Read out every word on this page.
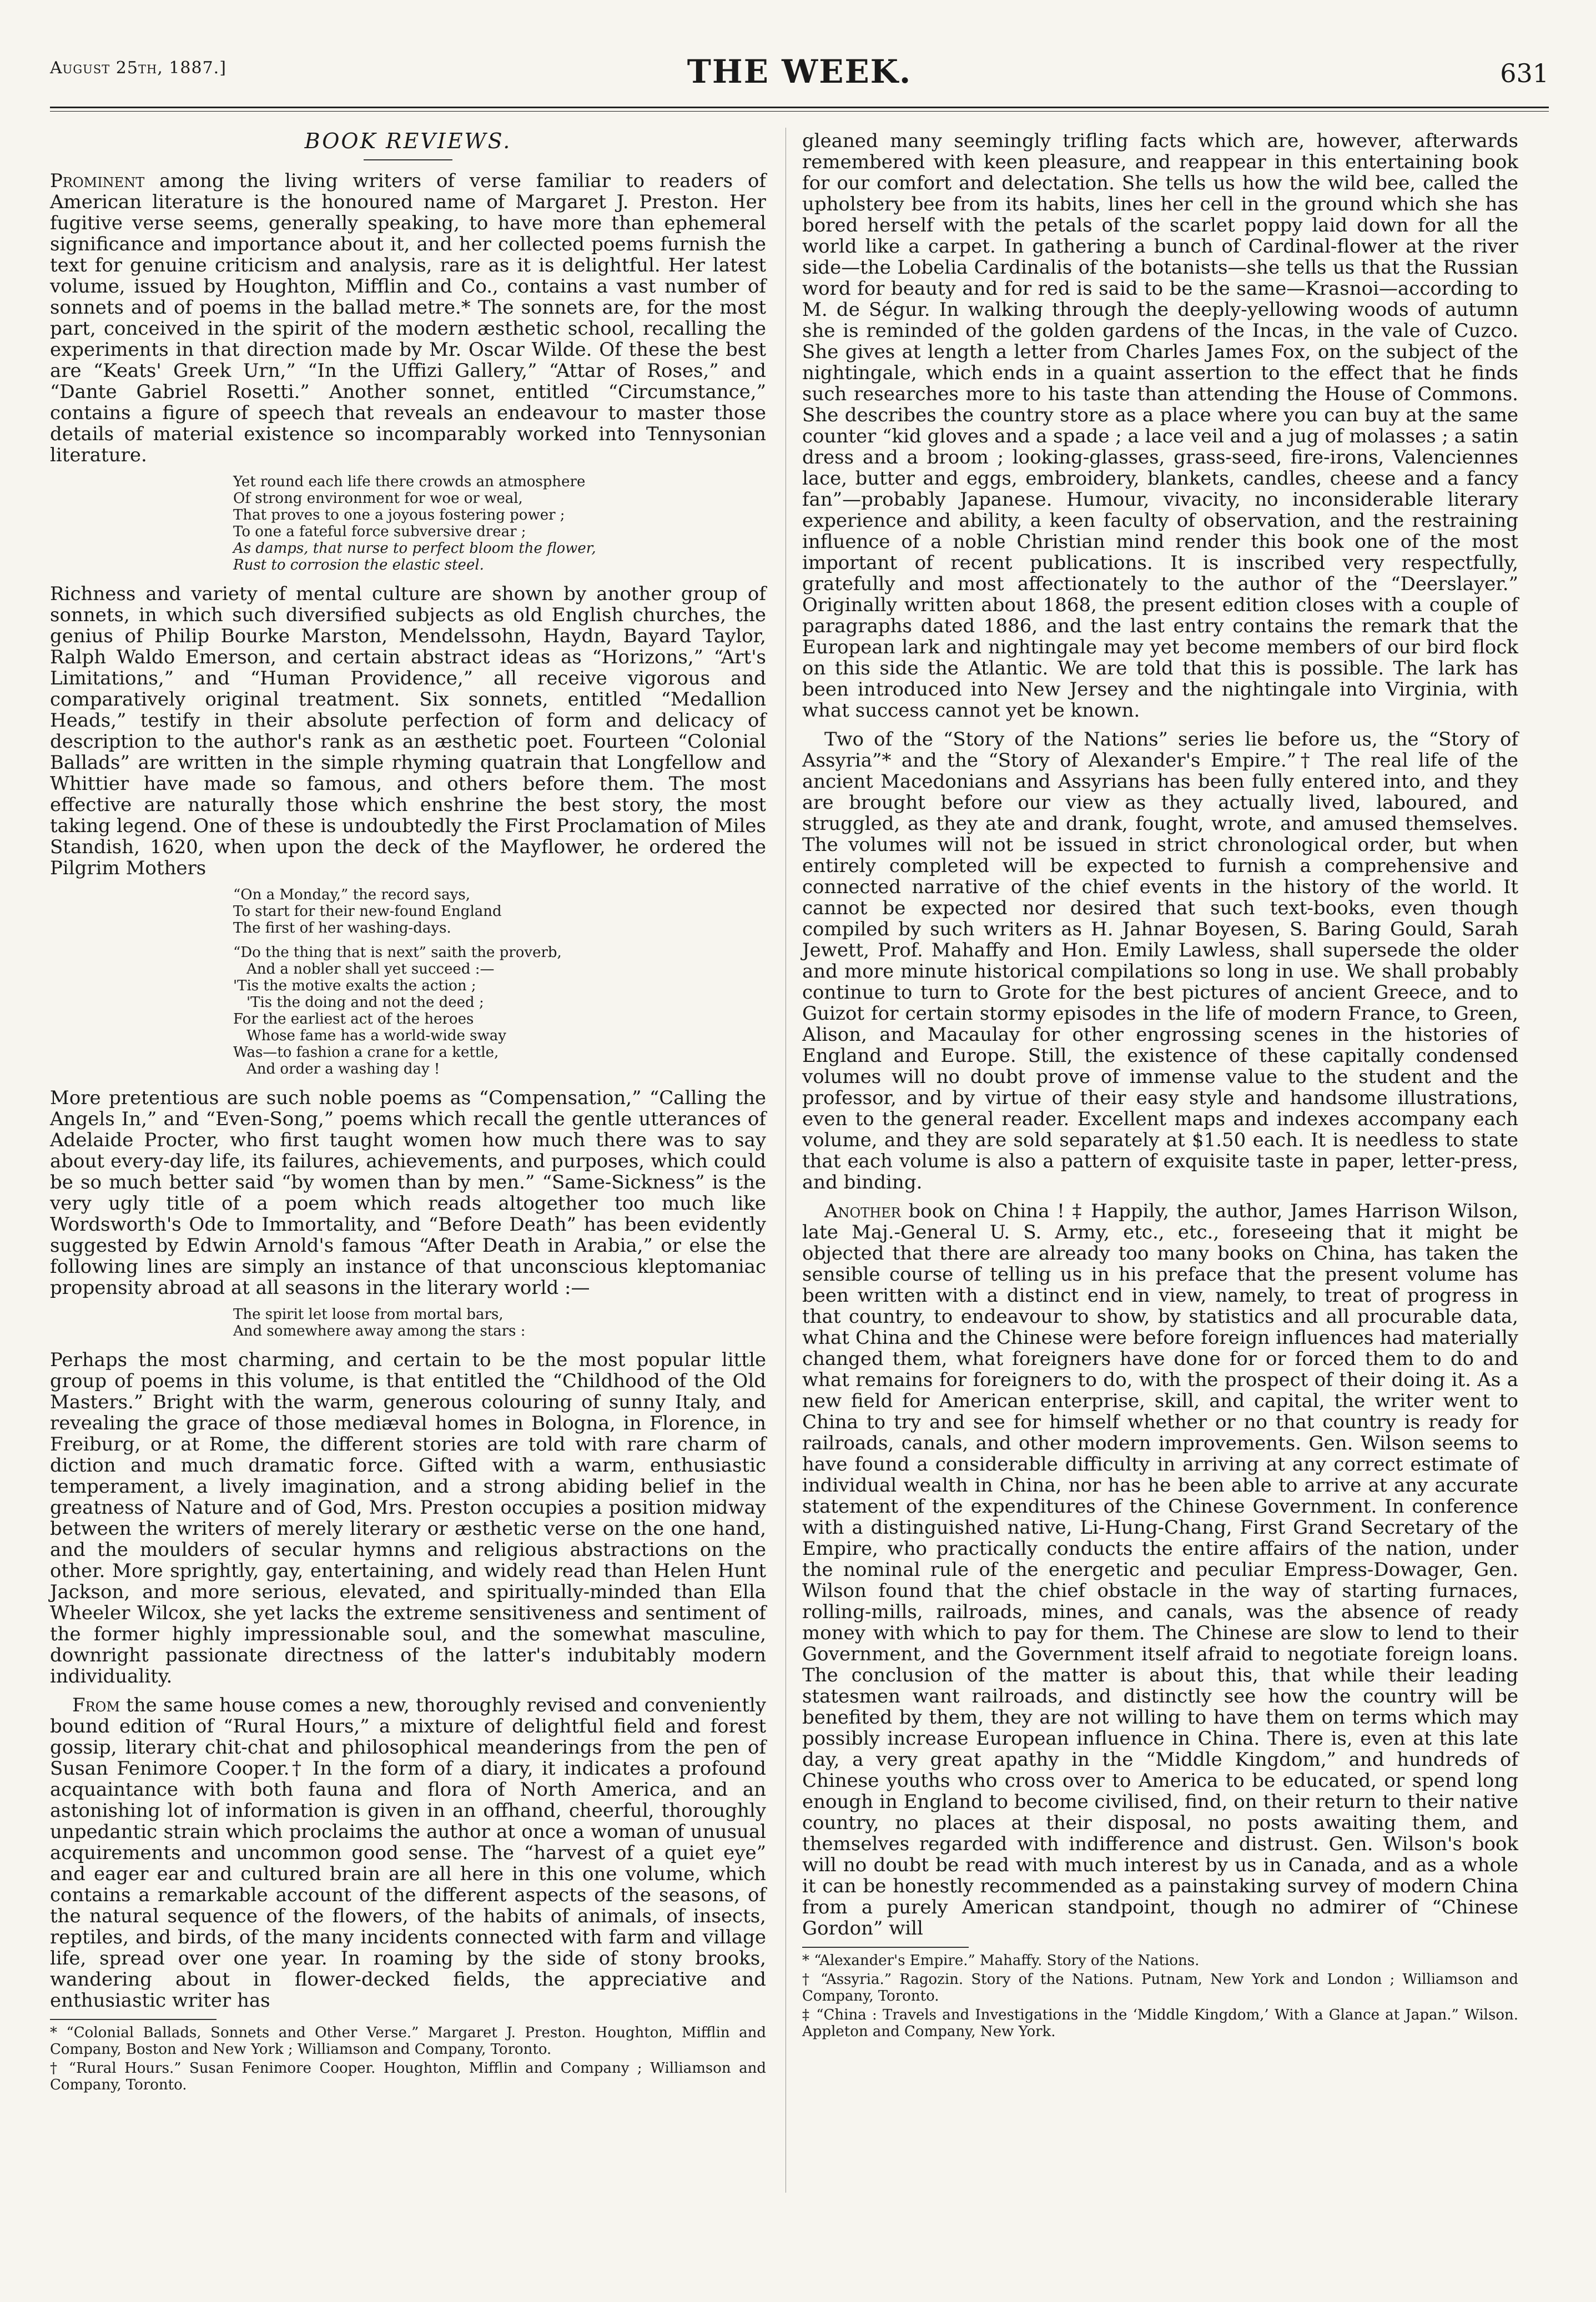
August 25th, 1887.]	THE WEEK.	631
BOOK REVIEWS.

Prominent among the living writers of verse familiar to readers of American literature is the honoured name of Margaret J. Preston. Her fugitive verse seems, generally speaking, to have more than ephemeral significance and importance about it, and her collected poems furnish the text for genuine criticism and analysis, rare as it is delightful. Her latest volume, issued by Houghton, Mifflin and Co., contains a vast number of sonnets and of poems in the ballad metre.* The sonnets are, for the most part, conceived in the spirit of the modern æsthetic school, recalling the experiments in that direction made by Mr. Oscar Wilde. Of these the best are “Keats' Greek Urn,” “In the Uffizi Gallery,” “Attar of Roses,” and “Dante Gabriel Rosetti.” Another sonnet, entitled “Circumstance,” contains a figure of speech that reveals an endeavour to master those details of material existence so incomparably worked into Tennysonian literature.

Yet round each life there crowds an atmosphere
Of strong environment for woe or weal,
That proves to one a joyous fostering power ;
To one a fateful force subversive drear ;
As damps, that nurse to perfect bloom the flower,
Rust to corrosion the elastic steel.

Richness and variety of mental culture are shown by another group of sonnets, in which such diversified subjects as old English churches, the genius of Philip Bourke Marston, Mendelssohn, Haydn, Bayard Taylor, Ralph Waldo Emerson, and certain abstract ideas as “Horizons,” “Art's Limitations,” and “Human Providence,” all receive vigorous and comparatively original treatment. Six sonnets, entitled “Medallion Heads,” testify in their absolute perfection of form and delicacy of description to the author's rank as an æsthetic poet. Fourteen “Colonial Ballads” are written in the simple rhyming quatrain that Longfellow and Whittier have made so famous, and others before them. The most effective are naturally those which enshrine the best story, the most taking legend. One of these is undoubtedly the First Proclamation of Miles Standish, 1620, when upon the deck of the Mayflower, he ordered the Pilgrim Mothers

“On a Monday,” the record says,
To start for their new-found England
The first of her washing-days.
“Do the thing that is next” saith the proverb,
And a nobler shall yet succeed :—
'Tis the motive exalts the action ;
'Tis the doing and not the deed ;
For the earliest act of the heroes
Whose fame has a world-wide sway
Was—to fashion a crane for a kettle,
And order a washing day !

More pretentious are such noble poems as “Compensation,” “Calling the Angels In,” and “Even-Song,” poems which recall the gentle utterances of Adelaide Procter, who first taught women how much there was to say about every-day life, its failures, achievements, and purposes, which could be so much better said “by women than by men.” “Same-Sickness” is the very ugly title of a poem which reads altogether too much like Wordsworth's Ode to Immortality, and “Before Death” has been evidently suggested by Edwin Arnold's famous “After Death in Arabia,” or else the following lines are simply an instance of that unconscious kleptomaniac propensity abroad at all seasons in the literary world :—

The spirit let loose from mortal bars,
And somewhere away among the stars :

Perhaps the most charming, and certain to be the most popular little group of poems in this volume, is that entitled the “Childhood of the Old Masters.” Bright with the warm, generous colouring of sunny Italy, and revealing the grace of those mediæval homes in Bologna, in Florence, in Freiburg, or at Rome, the different stories are told with rare charm of diction and much dramatic force. Gifted with a warm, enthusiastic temperament, a lively imagination, and a strong abiding belief in the greatness of Nature and of God, Mrs. Preston occupies a position midway between the writers of merely literary or æsthetic verse on the one hand, and the moulders of secular hymns and religious abstractions on the other. More sprightly, gay, entertaining, and widely read than Helen Hunt Jackson, and more serious, elevated, and spiritually-minded than Ella Wheeler Wilcox, she yet lacks the extreme sensitiveness and sentiment of the former highly impressionable soul, and the somewhat masculine, downright passionate directness of the latter's indubitably modern individuality.

From the same house comes a new, thoroughly revised and conveniently bound edition of “Rural Hours,” a mixture of delightful field and forest gossip, literary chit-chat and philosophical meanderings from the pen of Susan Fenimore Cooper.† In the form of a diary, it indicates a profound acquaintance with both fauna and flora of North America, and an astonishing lot of information is given in an offhand, cheerful, thoroughly unpedantic strain which proclaims the author at once a woman of unusual acquirements and uncommon good sense. The “harvest of a quiet eye” and eager ear and cultured brain are all here in this one volume, which contains a remarkable account of the different aspects of the seasons, of the natural sequence of the flowers, of the habits of animals, of insects, reptiles, and birds, of the many incidents connected with farm and village life, spread over one year. In roaming by the side of stony brooks, wandering about in flower-decked fields, the appreciative and enthusiastic writer has

* “Colonial Ballads, Sonnets and Other Verse.” Margaret J. Preston. Houghton, Mifflin and Company, Boston and New York ; Williamson and Company, Toronto.
† “Rural Hours.” Susan Fenimore Cooper. Houghton, Mifflin and Company ; Williamson and Company, Toronto.

gleaned many seemingly trifling facts which are, however, afterwards remembered with keen pleasure, and reappear in this entertaining book for our comfort and delectation. She tells us how the wild bee, called the upholstery bee from its habits, lines her cell in the ground which she has bored herself with the petals of the scarlet poppy laid down for all the world like a carpet. In gathering a bunch of Cardinal-flower at the river side—the Lobelia Cardinalis of the botanists—she tells us that the Russian word for beauty and for red is said to be the same—Krasnoi—according to M. de Ségur. In walking through the deeply-yellowing woods of autumn she is reminded of the golden gardens of the Incas, in the vale of Cuzco. She gives at length a letter from Charles James Fox, on the subject of the nightingale, which ends in a quaint assertion to the effect that he finds such researches more to his taste than attending the House of Commons. She describes the country store as a place where you can buy at the same counter “kid gloves and a spade ; a lace veil and a jug of molasses ; a satin dress and a broom ; looking-glasses, grass-seed, fire-irons, Valenciennes lace, butter and eggs, embroidery, blankets, candles, cheese and a fancy fan”—probably Japanese. Humour, vivacity, no inconsiderable literary experience and ability, a keen faculty of observation, and the restraining influence of a noble Christian mind render this book one of the most important of recent publications. It is inscribed very respectfully, gratefully and most affectionately to the author of the “Deerslayer.” Originally written about 1868, the present edition closes with a couple of paragraphs dated 1886, and the last entry contains the remark that the European lark and nightingale may yet become members of our bird flock on this side the Atlantic. We are told that this is possible. The lark has been introduced into New Jersey and the nightingale into Virginia, with what success cannot yet be known.

Two of the “Story of the Nations” series lie before us, the “Story of Assyria”* and the “Story of Alexander's Empire.”† The real life of the ancient Macedonians and Assyrians has been fully entered into, and they are brought before our view as they actually lived, laboured, and struggled, as they ate and drank, fought, wrote, and amused themselves. The volumes will not be issued in strict chronological order, but when entirely completed will be expected to furnish a comprehensive and connected narrative of the chief events in the history of the world. It cannot be expected nor desired that such text-books, even though compiled by such writers as H. Jahnar Boyesen, S. Baring Gould, Sarah Jewett, Prof. Mahaffy and Hon. Emily Lawless, shall supersede the older and more minute historical compilations so long in use. We shall probably continue to turn to Grote for the best pictures of ancient Greece, and to Guizot for certain stormy episodes in the life of modern France, to Green, Alison, and Macaulay for other engrossing scenes in the histories of England and Europe. Still, the existence of these capitally condensed volumes will no doubt prove of immense value to the student and the professor, and by virtue of their easy style and handsome illustrations, even to the general reader. Excellent maps and indexes accompany each volume, and they are sold separately at $1.50 each. It is needless to state that each volume is also a pattern of exquisite taste in paper, letter-press, and binding.

Another book on China ! ‡ Happily, the author, James Harrison Wilson, late Maj.-General U. S. Army, etc., etc., foreseeing that it might be objected that there are already too many books on China, has taken the sensible course of telling us in his preface that the present volume has been written with a distinct end in view, namely, to treat of progress in that country, to endeavour to show, by statistics and all procurable data, what China and the Chinese were before foreign influences had materially changed them, what foreigners have done for or forced them to do and what remains for foreigners to do, with the prospect of their doing it. As a new field for American enterprise, skill, and capital, the writer went to China to try and see for himself whether or no that country is ready for railroads, canals, and other modern improvements. Gen. Wilson seems to have found a considerable difficulty in arriving at any correct estimate of individual wealth in China, nor has he been able to arrive at any accurate statement of the expenditures of the Chinese Government. In conference with a distinguished native, Li-Hung-Chang, First Grand Secretary of the Empire, who practically conducts the entire affairs of the nation, under the nominal rule of the energetic and peculiar Empress-Dowager, Gen. Wilson found that the chief obstacle in the way of starting furnaces, rolling-mills, railroads, mines, and canals, was the absence of ready money with which to pay for them. The Chinese are slow to lend to their Government, and the Government itself afraid to negotiate foreign loans. The conclusion of the matter is about this, that while their leading statesmen want railroads, and distinctly see how the country will be benefited by them, they are not willing to have them on terms which may possibly increase European influence in China. There is, even at this late day, a very great apathy in the “Middle Kingdom,” and hundreds of Chinese youths who cross over to America to be educated, or spend long enough in England to become civilised, find, on their return to their native country, no places at their disposal, no posts awaiting them, and themselves regarded with indifference and distrust. Gen. Wilson's book will no doubt be read with much interest by us in Canada, and as a whole it can be honestly recommended as a painstaking survey of modern China from a purely American standpoint, though no admirer of “Chinese Gordon” will

* “Alexander's Empire.” Mahaffy. Story of the Nations.
† “Assyria.” Ragozin. Story of the Nations. Putnam, New York and London ; Williamson and Company, Toronto.
‡ “China : Travels and Investigations in the ‘Middle Kingdom,’ With a Glance at Japan.” Wilson. Appleton and Company, New York.
